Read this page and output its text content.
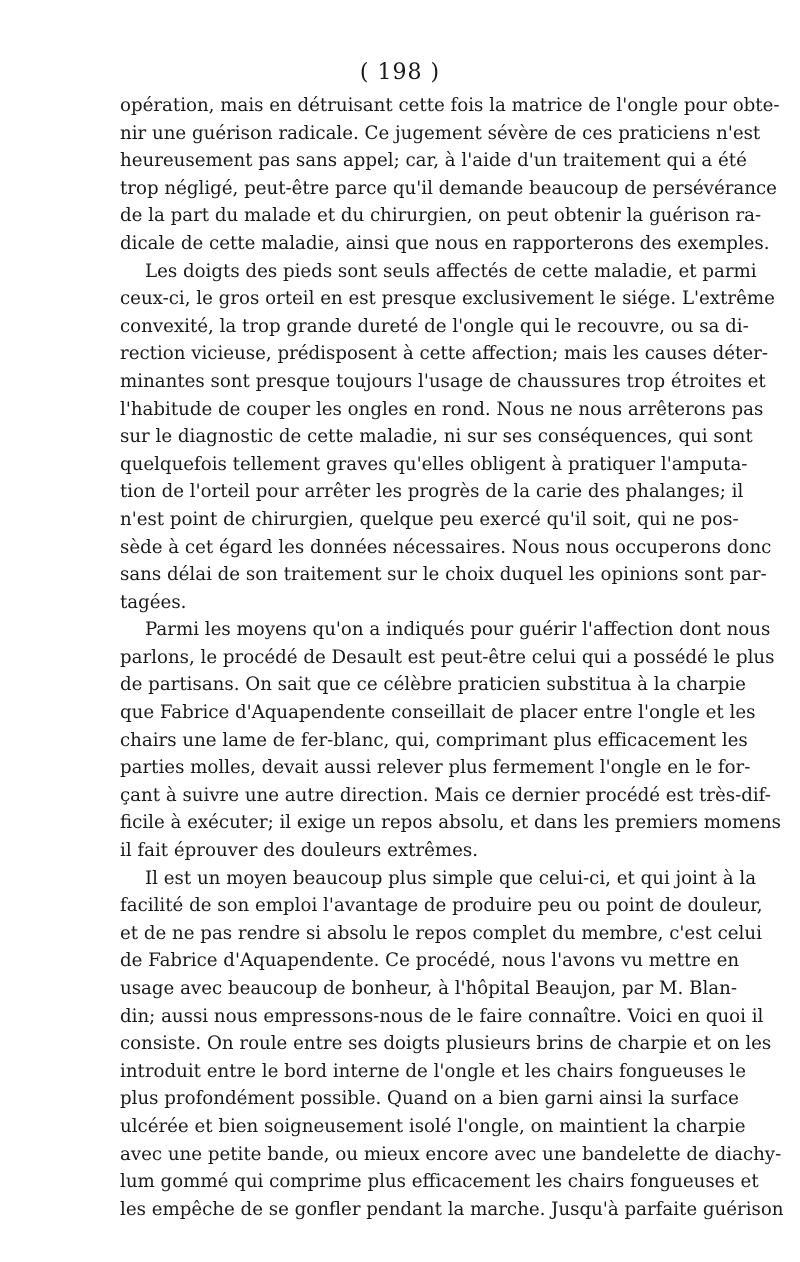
( 198 )
opération, mais en détruisant cette fois la matrice de l'ongle pour obte-
nir une guérison radicale. Ce jugement sévère de ces praticiens n'est
heureusement pas sans appel; car, à l'aide d'un traitement qui a été
trop négligé, peut-être parce qu'il demande beaucoup de persévérance
de la part du malade et du chirurgien, on peut obtenir la guérison ra-
dicale de cette maladie, ainsi que nous en rapporterons des exemples.
Les doigts des pieds sont seuls affectés de cette maladie, et parmi
ceux-ci, le gros orteil en est presque exclusivement le siége. L'extrême
convexité, la trop grande dureté de l'ongle qui le recouvre, ou sa di-
rection vicieuse, prédisposent à cette affection; mais les causes déter-
minantes sont presque toujours l'usage de chaussures trop étroites et
l'habitude de couper les ongles en rond. Nous ne nous arrêterons pas
sur le diagnostic de cette maladie, ni sur ses conséquences, qui sont
quelquefois tellement graves qu'elles obligent à pratiquer l'amputa-
tion de l'orteil pour arrêter les progrès de la carie des phalanges; il
n'est point de chirurgien, quelque peu exercé qu'il soit, qui ne pos-
sède à cet égard les données nécessaires. Nous nous occuperons donc
sans délai de son traitement sur le choix duquel les opinions sont par-
tagées.
Parmi les moyens qu'on a indiqués pour guérir l'affection dont nous
parlons, le procédé de Desault est peut-être celui qui a possédé le plus
de partisans. On sait que ce célèbre praticien substitua à la charpie
que Fabrice d'Aquapendente conseillait de placer entre l'ongle et les
chairs une lame de fer-blanc, qui, comprimant plus efficacement les
parties molles, devait aussi relever plus fermement l'ongle en le for-
çant à suivre une autre direction. Mais ce dernier procédé est très-dif-
ficile à exécuter; il exige un repos absolu, et dans les premiers momens
il fait éprouver des douleurs extrêmes.
Il est un moyen beaucoup plus simple que celui-ci, et qui joint à la
facilité de son emploi l'avantage de produire peu ou point de douleur,
et de ne pas rendre si absolu le repos complet du membre, c'est celui
de Fabrice d'Aquapendente. Ce procédé, nous l'avons vu mettre en
usage avec beaucoup de bonheur, à l'hôpital Beaujon, par M. Blan-
din; aussi nous empressons-nous de le faire connaître. Voici en quoi il
consiste. On roule entre ses doigts plusieurs brins de charpie et on les
introduit entre le bord interne de l'ongle et les chairs fongueuses le
plus profondément possible. Quand on a bien garni ainsi la surface
ulcérée et bien soigneusement isolé l'ongle, on maintient la charpie
avec une petite bande, ou mieux encore avec une bandelette de diachy-
lum gommé qui comprime plus efficacement les chairs fongueuses et
les empêche de se gonfler pendant la marche. Jusqu'à parfaite guérison
